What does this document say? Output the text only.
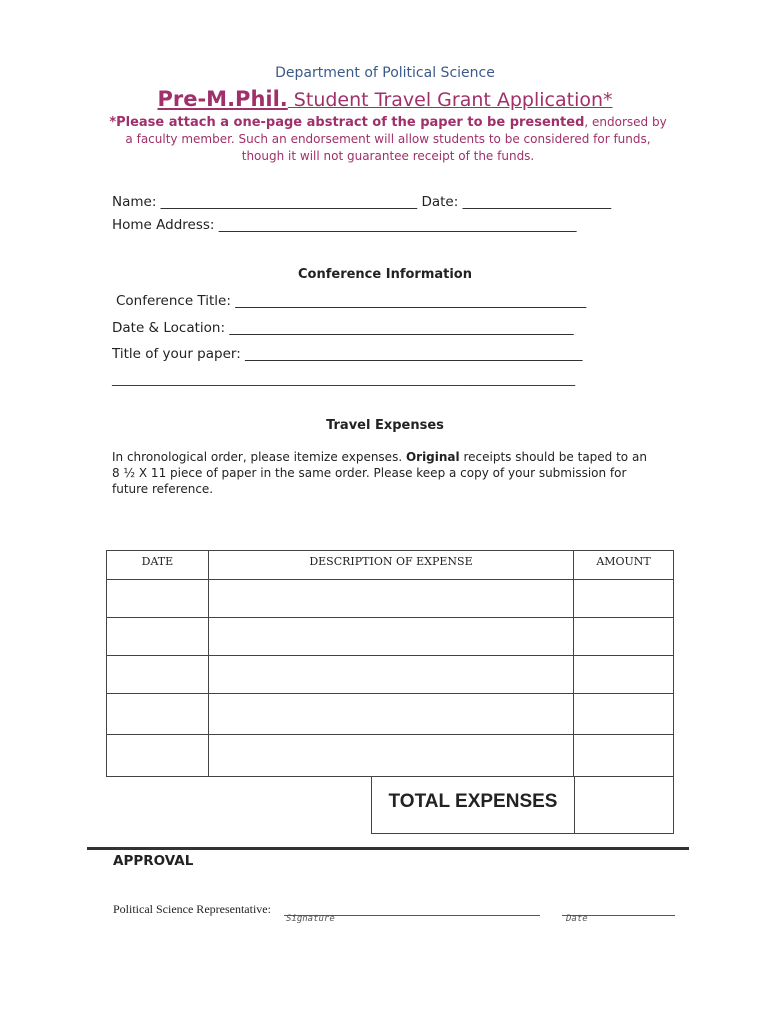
Department of Political Science
Pre-M.Phil. Student Travel Grant Application*
*Please attach a one-page abstract of the paper to be presented, endorsed by a faculty member. Such an endorsement will allow students to be considered for funds, though it will not guarantee receipt of the funds.
Name: ______________________________________ Date: ______________________
Home Address: _____________________________________________________
Conference Information
Conference Title: ____________________________________________________
Date & Location: ___________________________________________________
Title of your paper: __________________________________________________
____________________________________________________________________________
Travel Expenses
In chronological order, please itemize expenses. Original receipts should be taped to an 8 ½ X 11 piece of paper in the same order. Please keep a copy of your submission for future reference.
DATE	DESCRIPTION OF EXPENSE	AMOUNT

TOTAL EXPENSES
APPROVAL
Political Science Representative:
Signature	Date
